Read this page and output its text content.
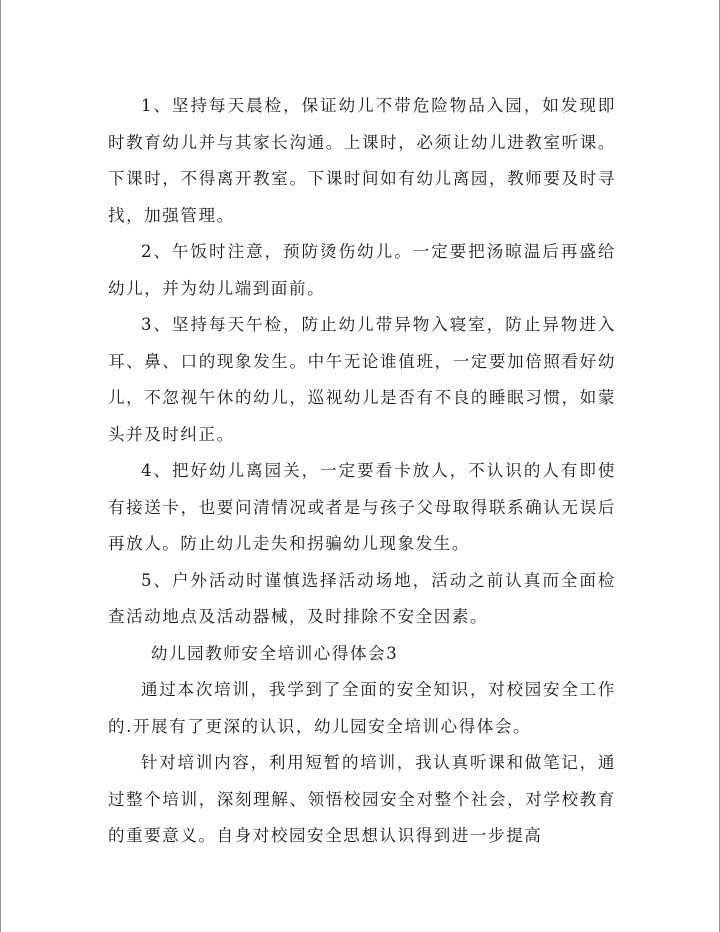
1、坚持每天晨检，保证幼儿不带危险物品入园，如发现即时教育幼儿并与其家长沟通。上课时，必须让幼儿进教室听课。下课时，不得离开教室。下课时间如有幼儿离园，教师要及时寻找，加强管理。

2、午饭时注意，预防烫伤幼儿。一定要把汤晾温后再盛给幼儿，并为幼儿端到面前。

3、坚持每天午检，防止幼儿带异物入寝室，防止异物进入耳、鼻、口的现象发生。中午无论谁值班，一定要加倍照看好幼儿，不忽视午休的幼儿，巡视幼儿是否有不良的睡眠习惯，如蒙头并及时纠正。

4、把好幼儿离园关，一定要看卡放人，不认识的人有即使有接送卡，也要问清情况或者是与孩子父母取得联系确认无误后再放人。防止幼儿走失和拐骗幼儿现象发生。

5、户外活动时谨慎选择活动场地，活动之前认真而全面检查活动地点及活动器械，及时排除不安全因素。

幼儿园教师安全培训心得体会3

通过本次培训，我学到了全面的安全知识，对校园安全工作的.开展有了更深的认识，幼儿园安全培训心得体会。

针对培训内容，利用短暂的培训，我认真听课和做笔记，通过整个培训，深刻理解、领悟校园安全对整个社会，对学校教育的重要意义。自身对校园安全思想认识得到进一步提高
